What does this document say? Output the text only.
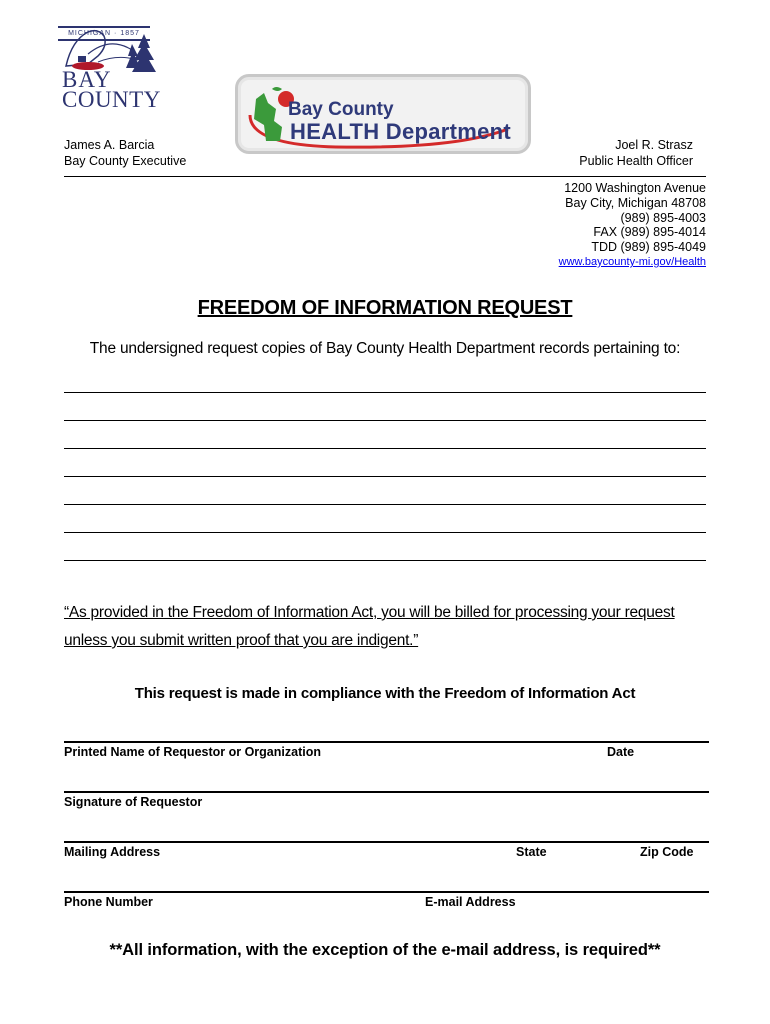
BAY
COUNTY
MICHIGAN · 1857
Bay County
HEALTH Department
James A. Barcia
Bay County Executive
Joel R. Strasz
Public Health Officer
1200 Washington Avenue
Bay City, Michigan 48708
(989) 895-4003
FAX (989) 895-4014
TDD (989) 895-4049
www.baycounty-mi.gov/Health
FREEDOM OF INFORMATION REQUEST
The undersigned request copies of Bay County Health Department records pertaining to:
“As provided in the Freedom of Information Act, you will be billed for processing your request
unless you submit written proof that you are indigent.”
This request is made in compliance with the Freedom of Information Act
Printed Name of Requestor or Organization	Date
Signature of Requestor
Mailing Address	State	Zip Code
Phone Number	E-mail Address
**All information, with the exception of the e-mail address, is required**
